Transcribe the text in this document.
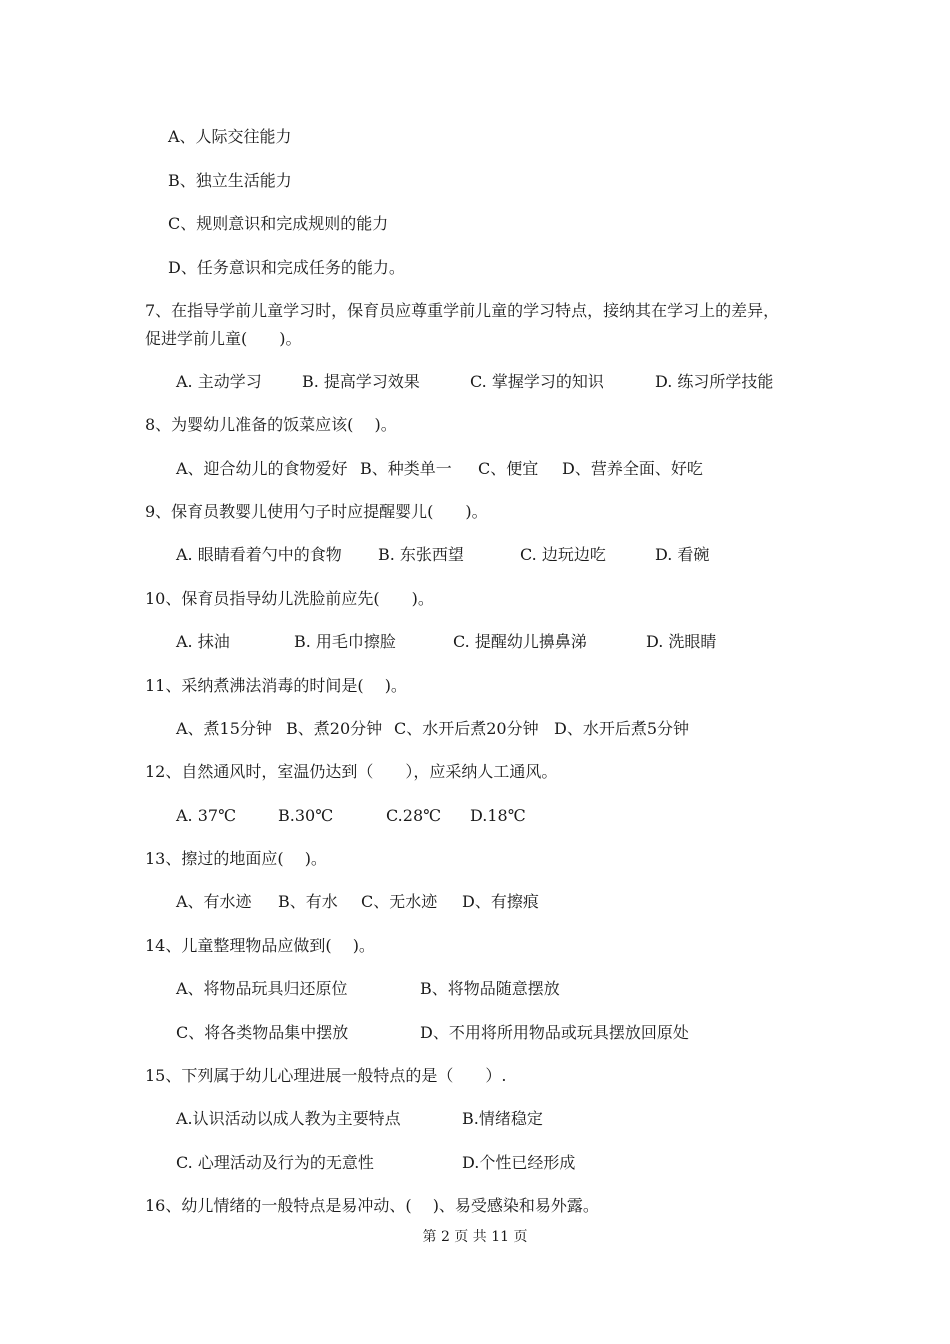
A、人际交往能力
B、独立生活能力
C、规则意识和完成规则的能力
D、任务意识和完成任务的能力。
7、在指导学前儿童学习时，保育员应尊重学前儿童的学习特点，接纳其在学习上的差异，
促进学前儿童(　　)。
A. 主动学习	B. 提高学习效果	C. 掌握学习的知识	D. 练习所学技能
8、为婴幼儿准备的饭菜应该(　 )。
A、迎合幼儿的食物爱好 B、种类单一 C、便宜 D、营养全面、好吃
9、保育员教婴儿使用勺子时应提醒婴儿(　　)。
A. 眼睛看着勺中的食物 B. 东张西望	C. 边玩边吃	D. 看碗
10、保育员指导幼儿洗脸前应先(　　)。
A. 抹油	B. 用毛巾擦脸	C. 提醒幼儿擤鼻涕	D. 洗眼睛
11、采纳煮沸法消毒的时间是(　 )。
A、煮15分钟 B、煮20分钟 C、水开后煮20分钟 D、水开后煮5分钟
12、自然通风时，室温仍达到（　　），应采纳人工通风。
A. 37℃	B.30℃	C.28℃ D.18℃
13、擦过的地面应(　 )。
A、有水迹 B、有水 C、无水迹 D、有擦痕
14、儿童整理物品应做到(　 )。
A、将物品玩具归还原位	B、将物品随意摆放
C、将各类物品集中摆放	D、不用将所用物品或玩具摆放回原处
15、下列属于幼儿心理进展一般特点的是（　　）.
A.认识活动以成人教为主要特点	B.情绪稳定
C. 心理活动及行为的无意性	D.个性已经形成
16、幼儿情绪的一般特点是易冲动、(　 )、易受感染和易外露。
第 2 页 共 11 页
